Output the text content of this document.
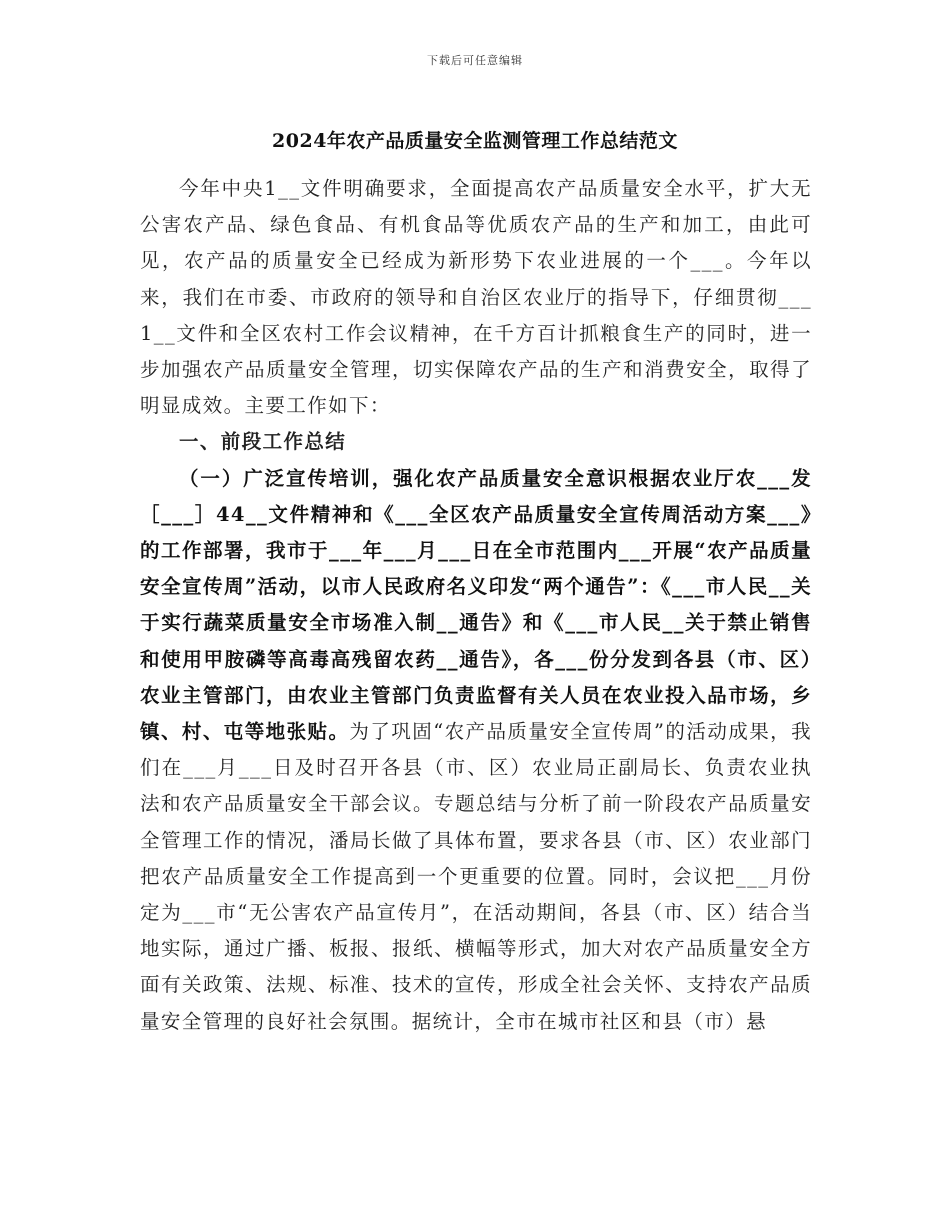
下载后可任意编辑
2024年农产品质量安全监测管理工作总结范文

今年中央1__文件明确要求，全面提高农产品质量安全水平，扩大无公害农产品、绿色食品、有机食品等优质农产品的生产和加工，由此可见，农产品的质量安全已经成为新形势下农业进展的一个___。今年以来，我们在市委、市政府的领导和自治区农业厅的指导下，仔细贯彻___1__文件和全区农村工作会议精神，在千方百计抓粮食生产的同时，进一步加强农产品质量安全管理，切实保障农产品的生产和消费安全，取得了明显成效。主要工作如下：

一、前段工作总结

（一）广泛宣传培训，强化农产品质量安全意识根据农业厅农___发［___］44__文件精神和《___全区农产品质量安全宣传周活动方案___》的工作部署，我市于___年___月___日在全市范围内___开展“农产品质量安全宣传周”活动，以市人民政府名义印发“两个通告”：《___市人民__关于实行蔬菜质量安全市场准入制__通告》和《___市人民__关于禁止销售和使用甲胺磷等高毒高残留农药__通告》，各___份分发到各县（市、区）农业主管部门，由农业主管部门负责监督有关人员在农业投入品市场，乡镇、村、屯等地张贴。为了巩固“农产品质量安全宣传周”的活动成果，我们在___月___日及时召开各县（市、区）农业局正副局长、负责农业执法和农产品质量安全干部会议。专题总结与分析了前一阶段农产品质量安全管理工作的情况，潘局长做了具体布置，要求各县（市、区）农业部门把农产品质量安全工作提高到一个更重要的位置。同时，会议把___月份定为___市“无公害农产品宣传月”，在活动期间，各县（市、区）结合当地实际，通过广播、板报、报纸、横幅等形式，加大对农产品质量安全方面有关政策、法规、标准、技术的宣传，形成全社会关怀、支持农产品质量安全管理的良好社会氛围。据统计，全市在城市社区和县（市）悬
